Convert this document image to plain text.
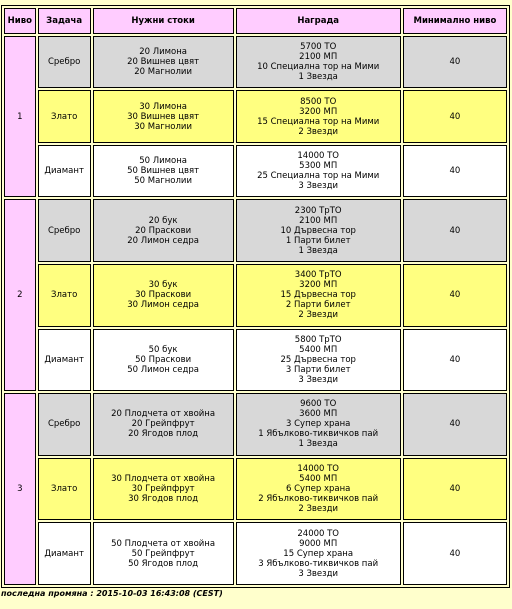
Ниво	Задача	Нужни стоки	Награда	Минимално ниво
1	Сребро	20 Лимона
20 Вишнев цвят
20 Магнолии	5700 ТО
2100 МП
10 Специална тор на Мими
1 Звезда	40
	Злато	30 Лимона
30 Вишнев цвят
30 Магнолии	8500 ТО
3200 МП
15 Специална тор на Мими
2 Звезди	40
	Диамант	50 Лимона
50 Вишнев цвят
50 Магнолии	14000 ТО
5300 МП
25 Специална тор на Мими
3 Звезди	40
2	Сребро	20 бук
20 Праскови
20 Лимон седра	2300 ТрТО
2100 МП
10 Дървесна тор
1 Парти билет
1 Звезда	40
	Злато	30 бук
30 Праскови
30 Лимон седра	3400 ТрТО
3200 МП
15 Дървесна тор
2 Парти билет
2 Звезди	40
	Диамант	50 бук
50 Праскови
50 Лимон седра	5800 ТрТО
5400 МП
25 Дървесна тор
3 Парти билет
3 Звезди	40
3	Сребро	20 Плодчета от хвойна
20 Грейпфрут
20 Ягодов плод	9600 ТО
3600 МП
3 Супер храна
1 Ябълково-тиквичков пай
1 Звезда	40
	Злато	30 Плодчета от хвойна
30 Грейпфрут
30 Ягодов плод	14000 ТО
5400 МП
6 Супер храна
2 Ябълково-тиквичков пай
2 Звезди	40
	Диамант	50 Плодчета от хвойна
50 Грейпфрут
50 Ягодов плод	24000 ТО
9000 МП
15 Супер храна
3 Ябълково-тиквичков пай
3 Звезди	40
последна промяна : 2015-10-03 16:43:08 (CEST)
